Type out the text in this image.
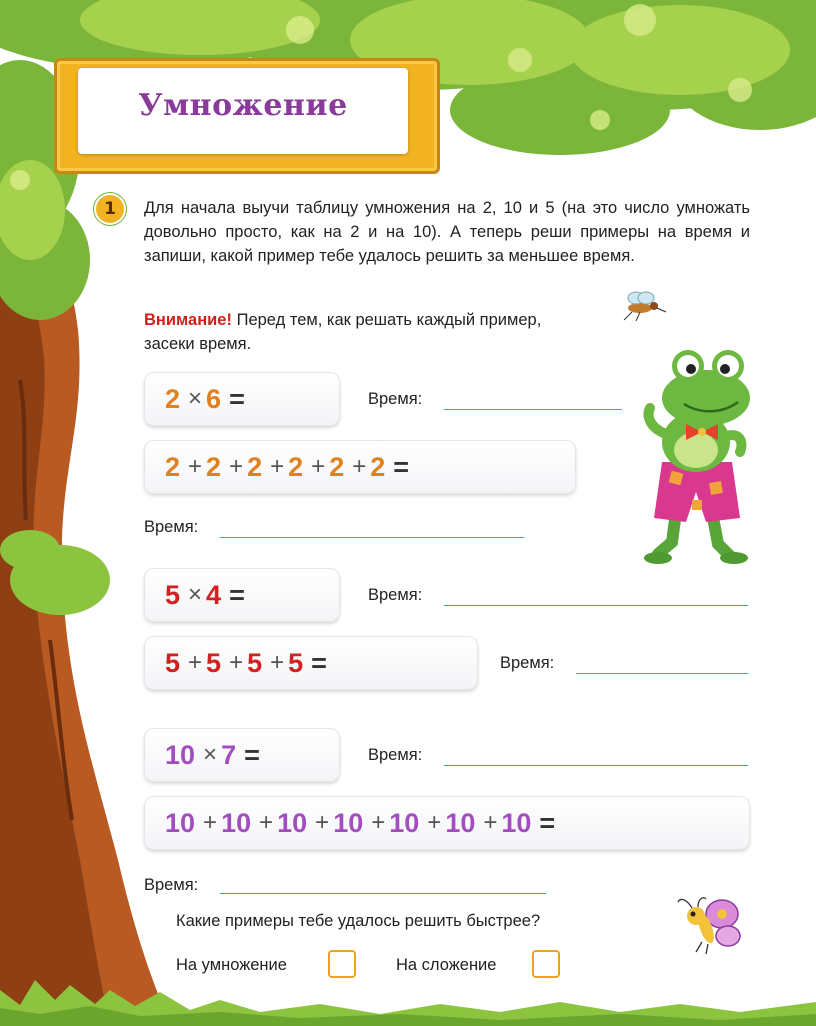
Умножение
1	Для начала выучи таблицу умножения на 2, 10 и 5 (на это число умножать довольно просто, как на 2 и на 10). А теперь реши примеры на время и запиши, какой пример тебе удалось решить за меньшее время.

Внимание! Перед тем, как решать каждый пример, засеки время.

2 × 6 =	Время:
2 + 2 + 2 + 2 + 2 + 2 =
Время:
5 × 4 =	Время:
5 + 5 + 5 + 5 =	Время:
10 × 7 =	Время:
10 + 10 + 10 + 10 + 10 + 10 + 10 =
Время:
Какие примеры тебе удалось решить быстрее?
На умножение	На сложение
